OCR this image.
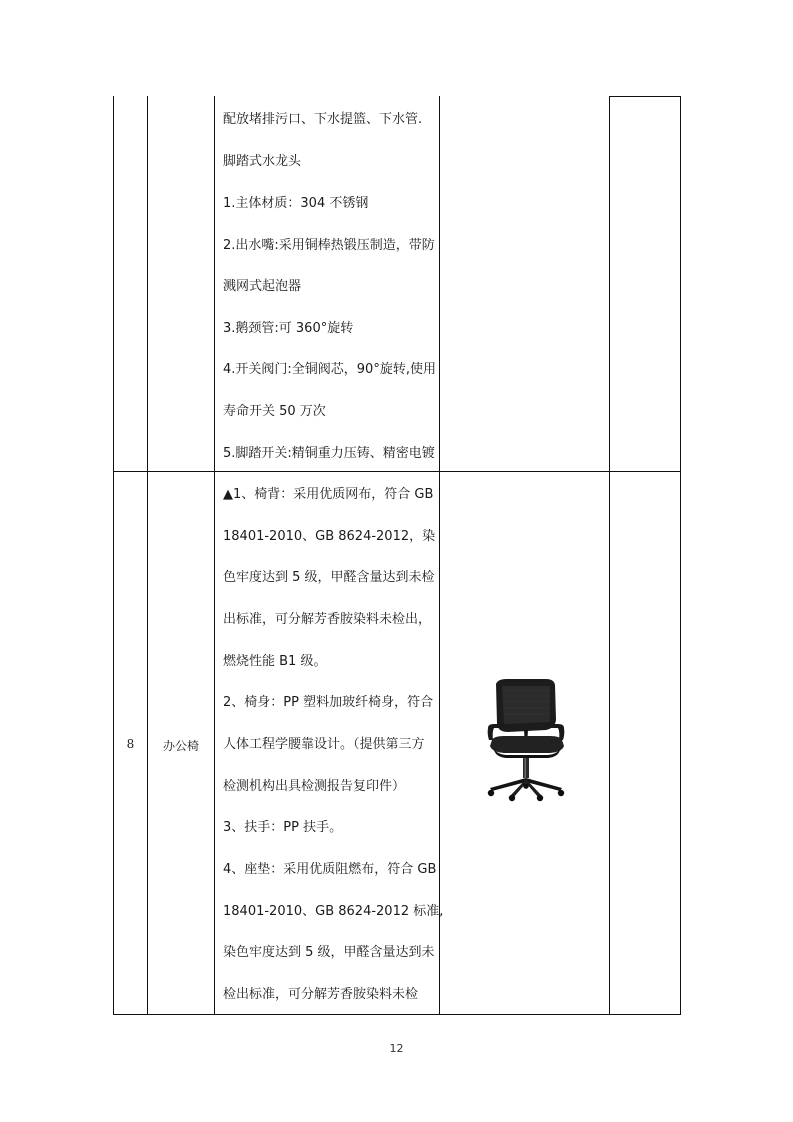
配放堵排污口、下水提篮、下水管.
脚踏式水龙头
1.主体材质：304 不锈钢
2.出水嘴:采用铜棒热锻压制造，带防
溅网式起泡器
3.鹅颈管:可 360°旋转
4.开关阀门:全铜阀芯，90°旋转,使用
寿命开关 50 万次
5.脚踏开关:精铜重力压铸、精密电镀
8	办公椅
▲1、椅背：采用优质网布，符合 GB
18401-2010、GB 8624-2012，染
色牢度达到 5 级，甲醛含量达到未检
出标准，可分解芳香胺染料未检出，
燃烧性能 B1 级。
2、椅身：PP 塑料加玻纤椅身，符合
人体工程学腰靠设计。（提供第三方
检测机构出具检测报告复印件）
3、扶手：PP 扶手。
4、座垫：采用优质阻燃布，符合 GB
18401-2010、GB 8624-2012 标准,
染色牢度达到 5 级，甲醛含量达到未
检出标准，可分解芳香胺染料未检
12
